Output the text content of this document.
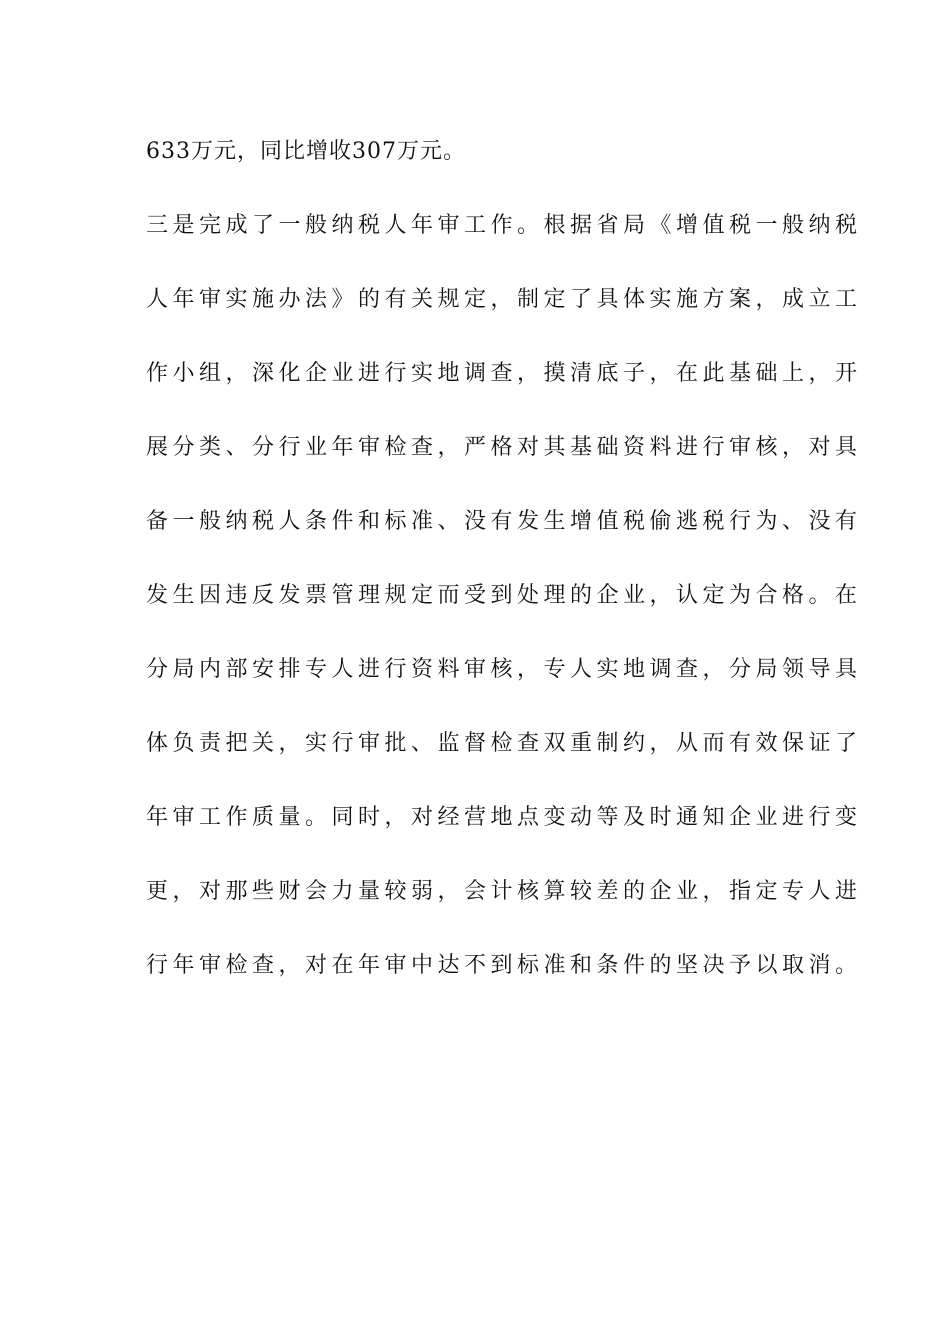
633万元，同比增收307万元。
三是完成了一般纳税人年审工作。根据省局《增值税一般纳税
人年审实施办法》的有关规定，制定了具体实施方案，成立工
作小组，深化企业进行实地调查，摸清底子，在此基础上，开
展分类、分行业年审检查，严格对其基础资料进行审核，对具
备一般纳税人条件和标准、没有发生增值税偷逃税行为、没有
发生因违反发票管理规定而受到处理的企业，认定为合格。在
分局内部安排专人进行资料审核，专人实地调查，分局领导具
体负责把关，实行审批、监督检查双重制约，从而有效保证了
年审工作质量。同时，对经营地点变动等及时通知企业进行变
更，对那些财会力量较弱，会计核算较差的企业，指定专人进
行年审检查，对在年审中达不到标准和条件的坚决予以取消。
